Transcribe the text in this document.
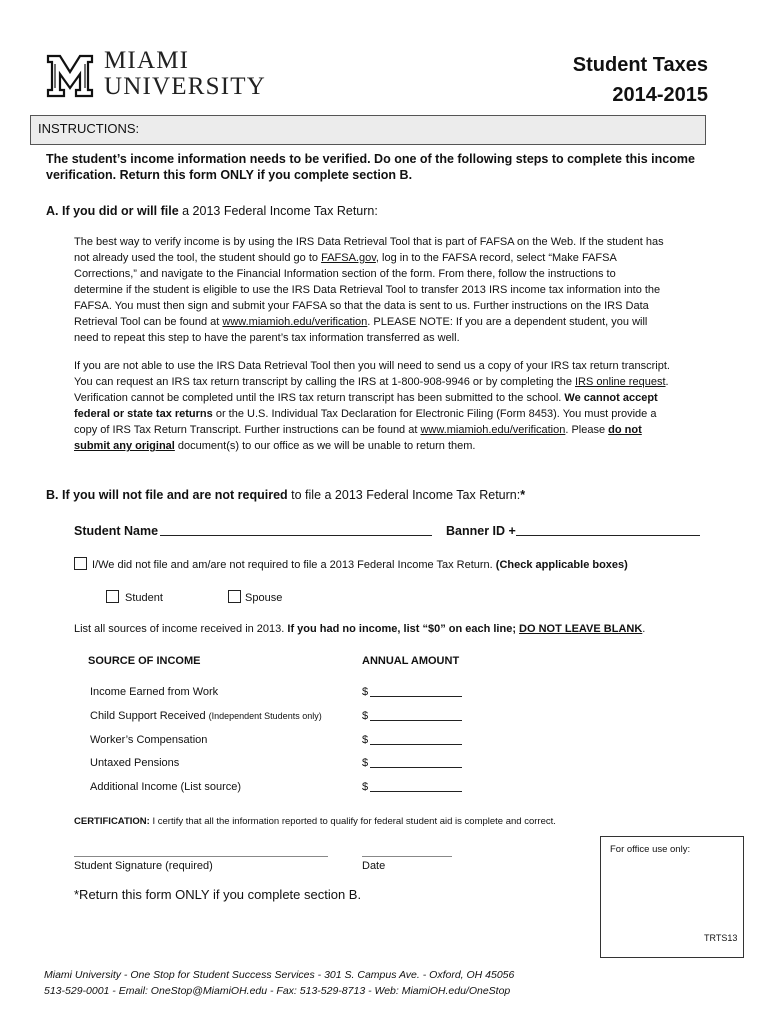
MIAMI
UNIVERSITY
Student Taxes
2014-2015
INSTRUCTIONS:
The student’s income information needs to be verified. Do one of the following steps to complete this income
verification. Return this form ONLY if you complete section B.
A. If you did or will file a 2013 Federal Income Tax Return:
The best way to verify income is by using the IRS Data Retrieval Tool that is part of FAFSA on the Web. If the student has
not already used the tool, the student should go to FAFSA.gov, log in to the FAFSA record, select “Make FAFSA
Corrections,” and navigate to the Financial Information section of the form. From there, follow the instructions to
determine if the student is eligible to use the IRS Data Retrieval Tool to transfer 2013 IRS income tax information into the
FAFSA. You must then sign and submit your FAFSA so that the data is sent to us. Further instructions on the IRS Data
Retrieval Tool can be found at www.miamioh.edu/verification. PLEASE NOTE: If you are a dependent student, you will
need to repeat this step to have the parent’s tax information transferred as well.
If you are not able to use the IRS Data Retrieval Tool then you will need to send us a copy of your IRS tax return transcript.
You can request an IRS tax return transcript by calling the IRS at 1-800-908-9946 or by completing the IRS online request.
Verification cannot be completed until the IRS tax return transcript has been submitted to the school. We cannot accept
federal or state tax returns or the U.S. Individual Tax Declaration for Electronic Filing (Form 8453). You must provide a
copy of IRS Tax Return Transcript. Further instructions can be found at www.miamioh.edu/verification. Please do not
submit any original document(s) to our office as we will be unable to return them.
B. If you will not file and are not required to file a 2013 Federal Income Tax Return:*
Student Name	Banner ID +
I/We did not file and am/are not required to file a 2013 Federal Income Tax Return. (Check applicable boxes)
Student	Spouse
List all sources of income received in 2013. If you had no income, list “$0” on each line; DO NOT LEAVE BLANK.
SOURCE OF INCOME	ANNUAL AMOUNT
Income Earned from Work	$
Child Support Received (Independent Students only)	$
Worker’s Compensation	$
Untaxed Pensions	$
Additional Income (List source)	$
CERTIFICATION: I certify that all the information reported to qualify for federal student aid is complete and correct.
Student Signature (required)	Date
*Return this form ONLY if you complete section B.
For office use only:
TRTS13
Miami University - One Stop for Student Success Services - 301 S. Campus Ave. - Oxford, OH 45056
513-529-0001 - Email: OneStop@MiamiOH.edu - Fax: 513-529-8713 - Web: MiamiOH.edu/OneStop
